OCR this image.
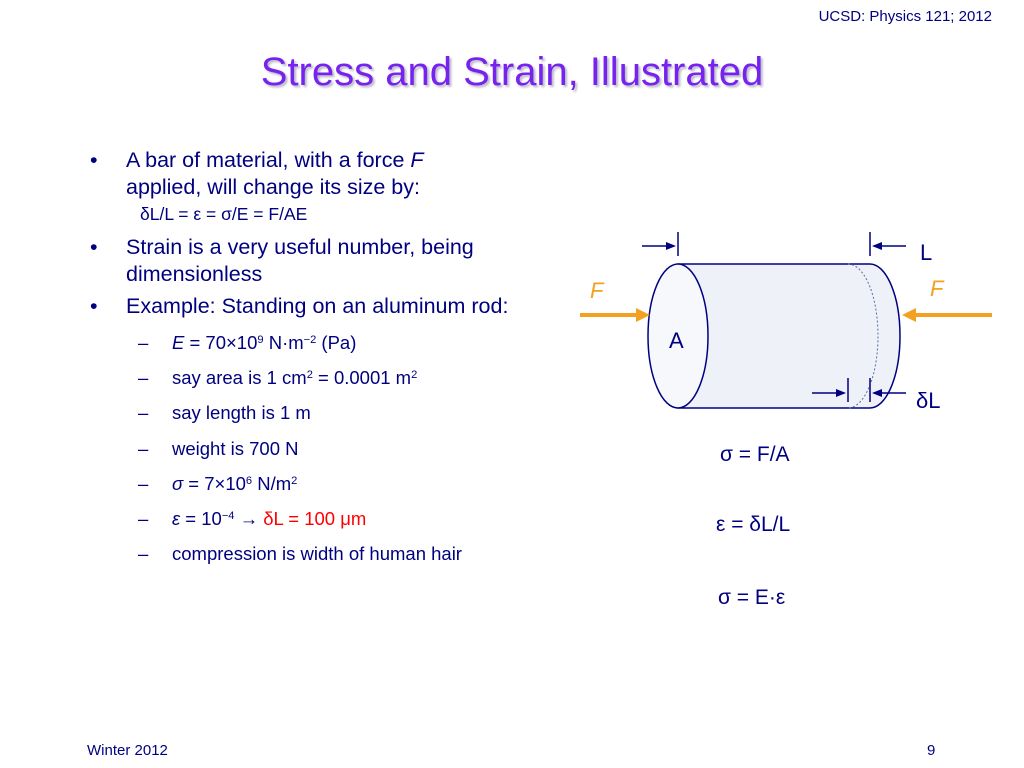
UCSD: Physics 121; 2012
Stress and Strain, Illustrated
• A bar of material, with a force F
applied, will change its size by:
δL/L = ε = σ/E = F/AE
• Strain is a very useful number, being dimensionless
• Example: Standing on an aluminum rod:
– $E = 70\times 10^9$ $N\cdot m^{-2}$ (Pa)
– say area is 1 $cm^2 = 0.0001$ $m^2$
– say length is 1 m
– weight is 700 N
– $\sigma = 7\times 10^6$ $N/m^2$
– $\varepsilon = 10^{-4} \to \delta L = 100$ μm
– compression is width of human hair
L
F	F
A
δL
σ = F/A
ε = δL/L
σ = E·ε
Winter 2012	9
